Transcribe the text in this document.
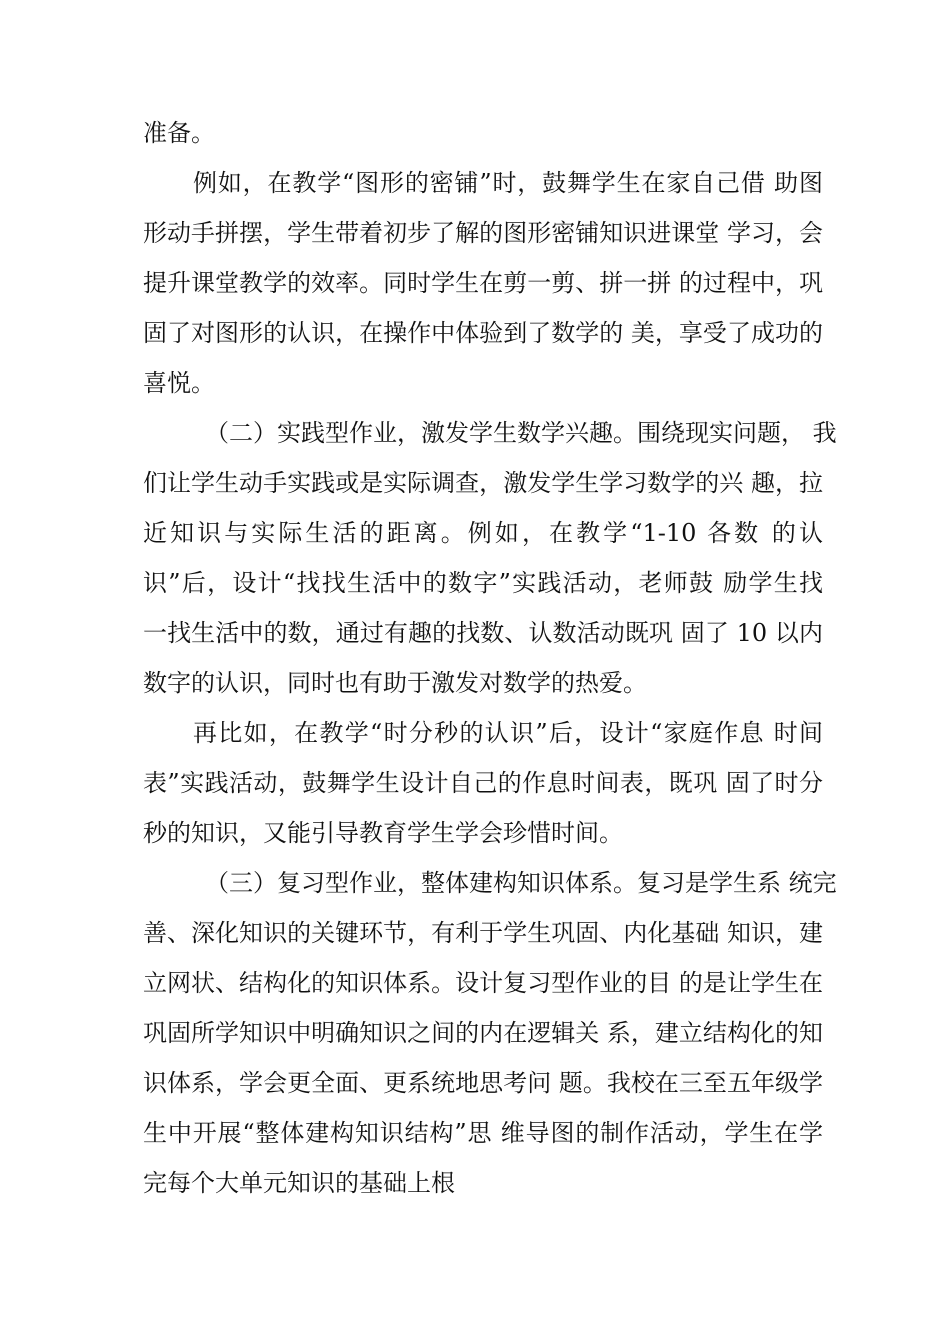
准备。
例如，在教学“图形的密铺”时，鼓舞学生在家自己借 助图
形动手拼摆，学生带着初步了解的图形密铺知识进课堂 学习，会
提升课堂教学的效率。同时学生在剪一剪、拼一拼 的过程中，巩
固了对图形的认识，在操作中体验到了数学的 美，享受了成功的
喜悦。
（二）实践型作业，激发学生数学兴趣。围绕现实问题， 我
们让学生动手实践或是实际调查，激发学生学习数学的兴 趣，拉
近知识与实际生活的距离。例如，在教学“1-10 各数 的认
识”后，设计“找找生活中的数字”实践活动，老师鼓 励学生找
一找生活中的数，通过有趣的找数、认数活动既巩 固了 10 以内
数字的认识，同时也有助于激发对数学的热爱。
再比如，在教学“时分秒的认识”后，设计“家庭作息 时间
表”实践活动，鼓舞学生设计自己的作息时间表，既巩 固了时分
秒的知识，又能引导教育学生学会珍惜时间。
（三）复习型作业，整体建构知识体系。复习是学生系 统完
善、深化知识的关键环节，有利于学生巩固、内化基础 知识，建
立网状、结构化的知识体系。设计复习型作业的目 的是让学生在
巩固所学知识中明确知识之间的内在逻辑关 系，建立结构化的知
识体系，学会更全面、更系统地思考问 题。我校在三至五年级学
生中开展“整体建构知识结构”思 维导图的制作活动，学生在学
完每个大单元知识的基础上根
